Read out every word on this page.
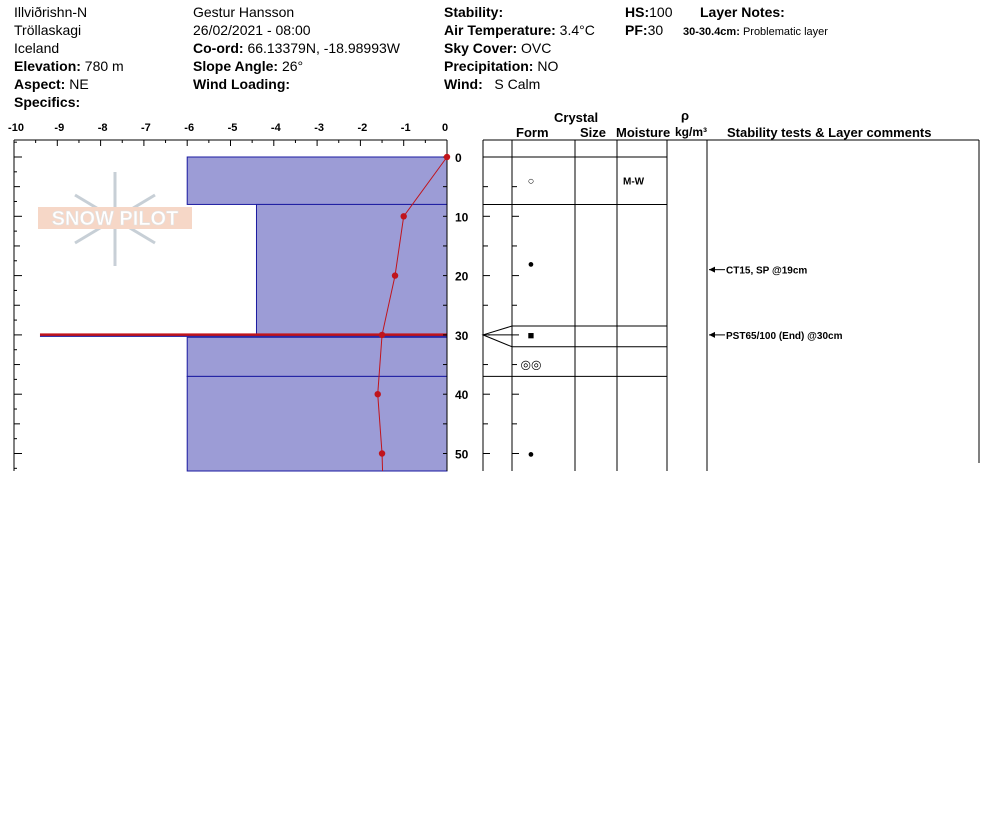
Illviðrishn-N
Tröllaskagi
Iceland
Elevation: 780 m
Aspect: NE
Specifics:
Gestur Hansson
26/02/2021 - 08:00
Co-ord: 66.13379N, -18.98993W
Slope Angle: 26°
Wind Loading:
Stability:
Air Temperature: 3.4°C
Sky Cover: OVC
Precipitation: NO
Wind: S Calm
HS:100
PF:30
Layer Notes:
30-30.4cm: Problematic layer
Crystal
Form Size Moisture
ρ
kg/m³ Stability tests & Layer comments
SNOW PILOT
-10	-9	-8	-7	-6	-5	-4	-3	-2	-1	0
0
10
20
30
40
50
M-W
○
●
■
◎◎
●
CT15, SP @19cm
PST65/100 (End) @30cm
